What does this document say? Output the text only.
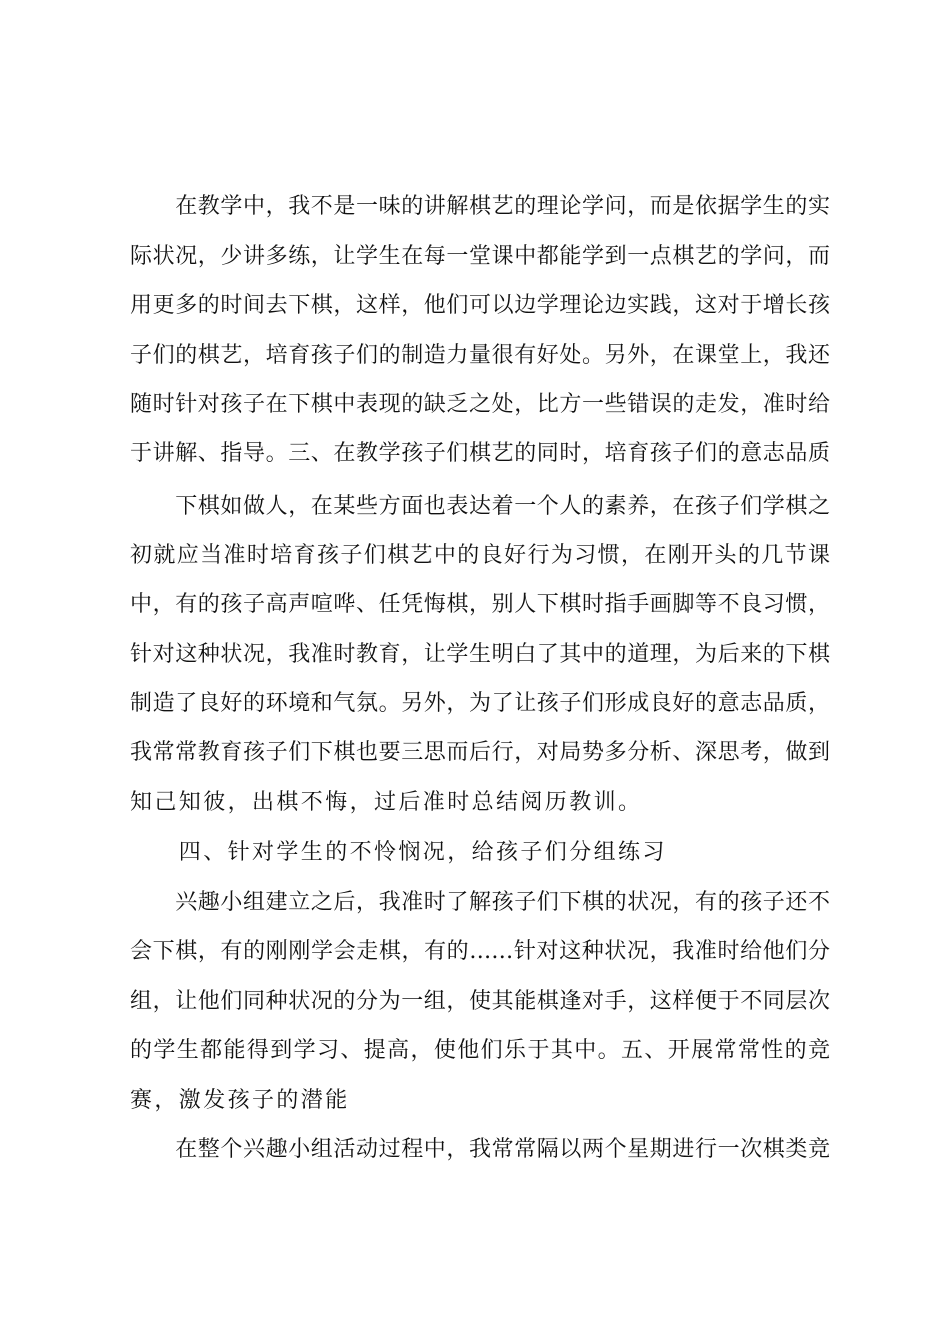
　　在教学中，我不是一味的讲解棋艺的理论学问，而是依据学生的实
际状况，少讲多练，让学生在每一堂课中都能学到一点棋艺的学问，而
用更多的时间去下棋，这样，他们可以边学理论边实践，这对于增长孩
子们的棋艺，培育孩子们的制造力量很有好处。另外，在课堂上，我还
随时针对孩子在下棋中表现的缺乏之处，比方一些错误的走发，准时给
于讲解、指导。三、在教学孩子们棋艺的同时，培育孩子们的意志品质
　　下棋如做人，在某些方面也表达着一个人的素养，在孩子们学棋之
初就应当准时培育孩子们棋艺中的良好行为习惯，在刚开头的几节课
中，有的孩子高声喧哗、任凭悔棋，别人下棋时指手画脚等不良习惯，
针对这种状况，我准时教育，让学生明白了其中的道理，为后来的下棋
制造了良好的环境和气氛。另外，为了让孩子们形成良好的意志品质，
我常常教育孩子们下棋也要三思而后行，对局势多分析、深思考，做到
知己知彼，出棋不悔，过后准时总结阅历教训。
　　四、针对学生的不怜悯况，给孩子们分组练习
　　兴趣小组建立之后，我准时了解孩子们下棋的状况，有的孩子还不
会下棋，有的刚刚学会走棋，有的……针对这种状况，我准时给他们分
组，让他们同种状况的分为一组，使其能棋逢对手，这样便于不同层次
的学生都能得到学习、提高，使他们乐于其中。五、开展常常性的竞
赛，激发孩子的潜能
　　在整个兴趣小组活动过程中，我常常隔以两个星期进行一次棋类竞
